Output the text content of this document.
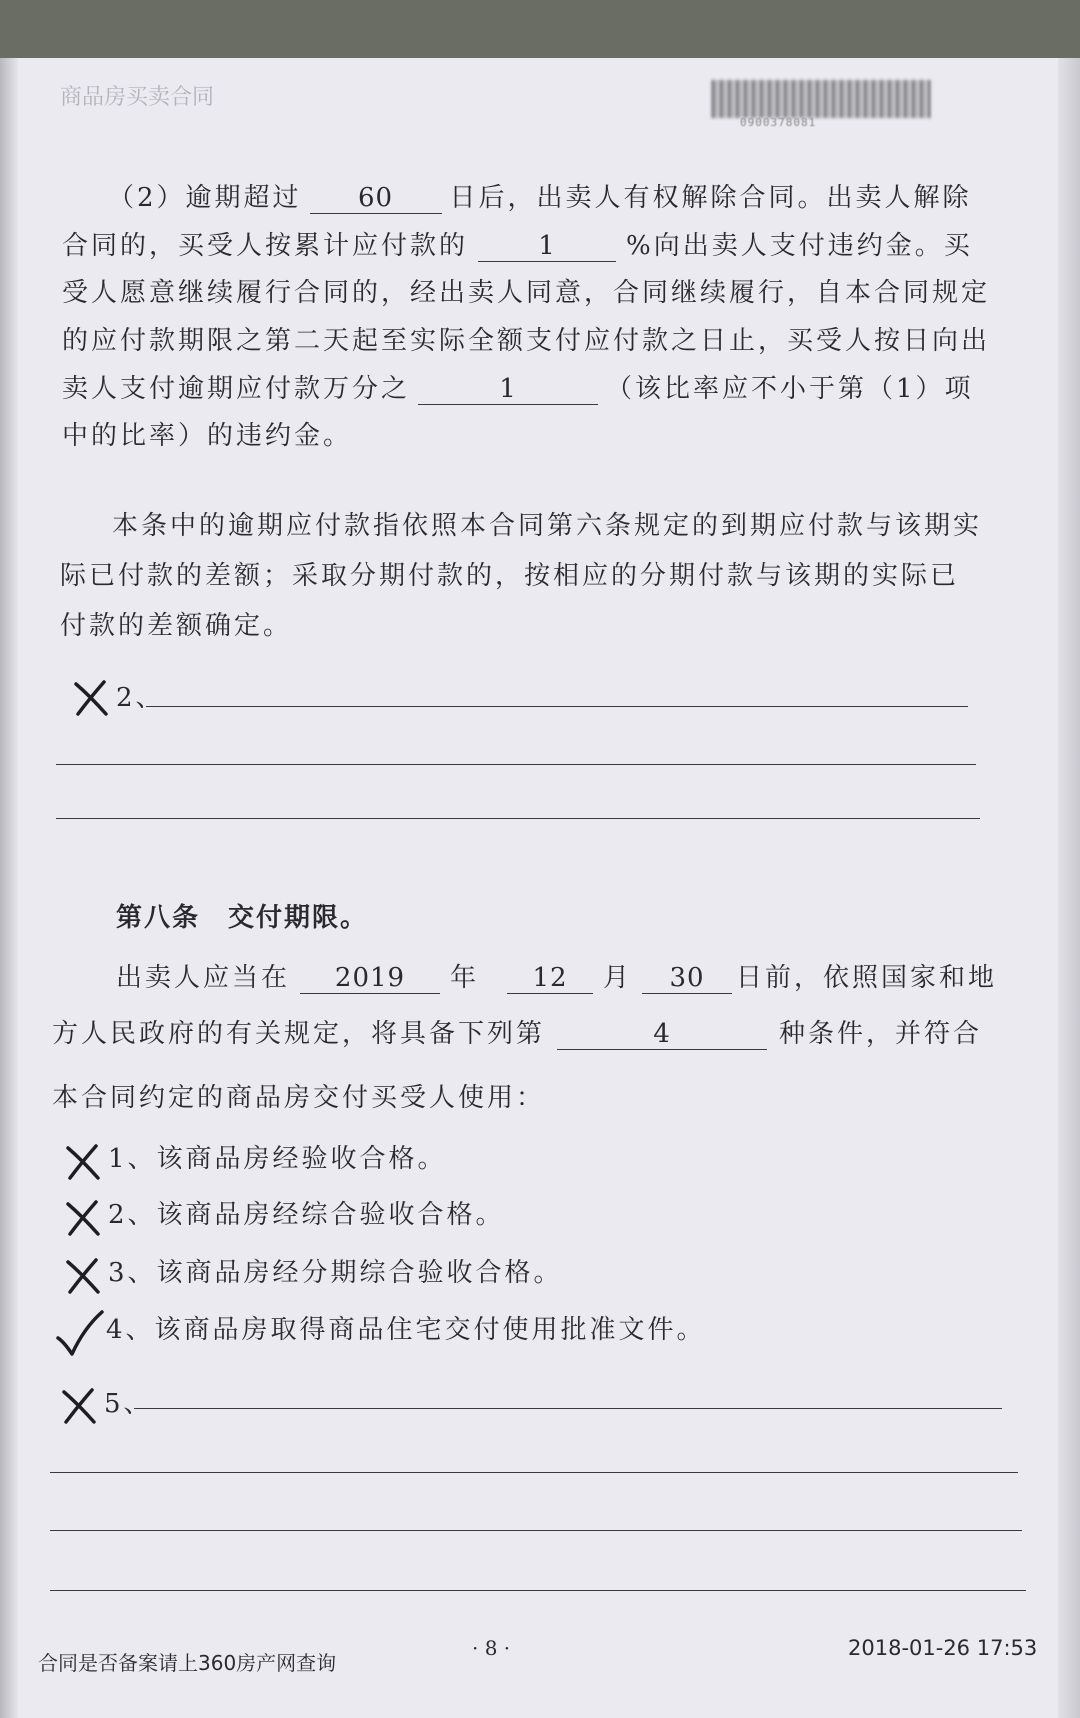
商品房买卖合同
0900378081
（2）逾期超过 60 日后，出卖人有权解除合同。出卖人解除
合同的，买受人按累计应付款的	1	%向出卖人支付违约金。买
受人愿意继续履行合同的，经出卖人同意，合同继续履行，自本合同规定
的应付款期限之第二天起至实际全额支付应付款之日止，买受人按日向出
卖人支付逾期应付款万分之	1	（该比率应不小于第（1）项
中的比率）的违约金。
本条中的逾期应付款指依照本合同第六条规定的到期应付款与该期实
际已付款的差额；采取分期付款的，按相应的分期付款与该期的实际已
付款的差额确定。
2、
第八条　交付期限。
出卖人应当在 2019 年 12 月 30 日前，依照国家和地
方人民政府的有关规定，将具备下列第	4	种条件，并符合
本合同约定的商品房交付买受人使用：
1、该商品房经验收合格。
2、该商品房经综合验收合格。
3、该商品房经分期综合验收合格。
4、该商品房取得商品住宅交付使用批准文件。
5、
合同是否备案请上360房产网查询
· 8 ·	2018-01-26 17:53
